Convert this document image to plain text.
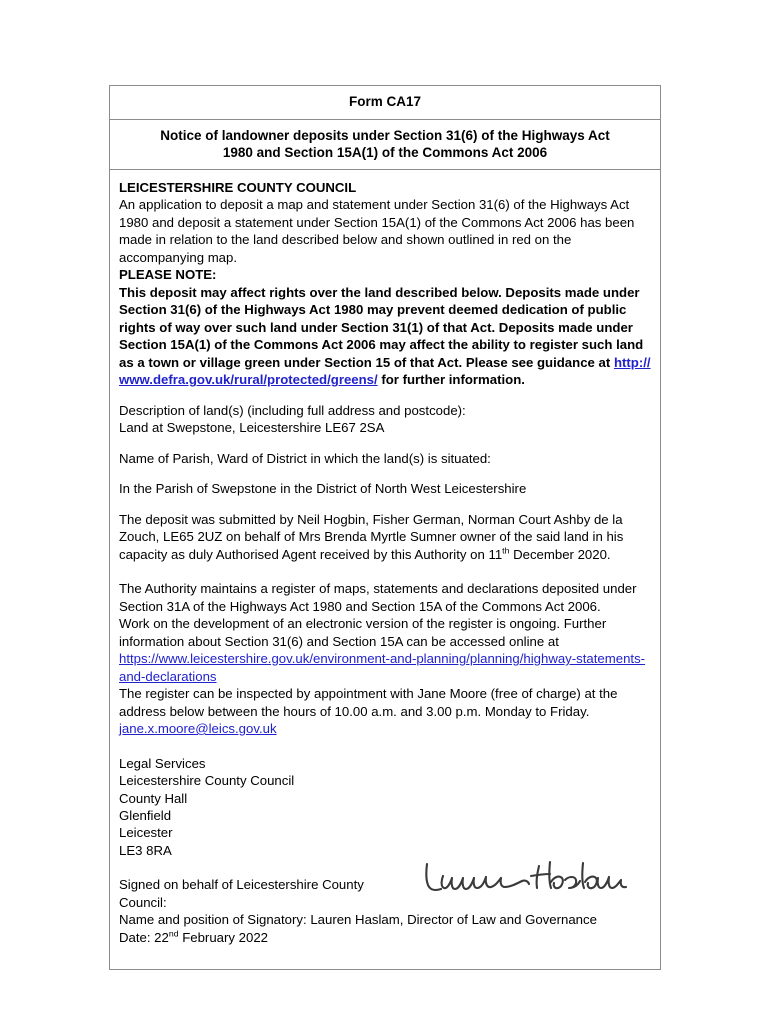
Form CA17
Notice of landowner deposits under Section 31(6) of the Highways Act
1980 and Section 15A(1) of the Commons Act 2006

LEICESTERSHIRE COUNTY COUNCIL

An application to deposit a map and statement under Section 31(6) of the Highways Act 1980 and deposit a statement under Section 15A(1) of the Commons Act 2006 has been made in relation to the land described below and shown outlined in red on the accompanying map.

PLEASE NOTE:

This deposit may affect rights over the land described below. Deposits made under Section 31(6) of the Highways Act 1980 may prevent deemed dedication of public rights of way over such land under Section 31(1) of that Act. Deposits made under Section 15A(1) of the Commons Act 2006 may affect the ability to register such land as a town or village green under Section 15 of that Act. Please see guidance at http://www.defra.gov.uk/rural/protected/greens/ for further information.

Description of land(s) (including full address and postcode):

Land at Swepstone, Leicestershire LE67 2SA

Name of Parish, Ward of District in which the land(s) is situated:

In the Parish of Swepstone in the District of North West Leicestershire

The deposit was submitted by Neil Hogbin, Fisher German, Norman Court Ashby de la Zouch, LE65 2UZ on behalf of Mrs Brenda Myrtle Sumner owner of the said land in his capacity as duly Authorised Agent received by this Authority on 11th December 2020.

The Authority maintains a register of maps, statements and declarations deposited under Section 31A of the Highways Act 1980 and Section 15A of the Commons Act 2006.

Work on the development of an electronic version of the register is ongoing. Further information about Section 31(6) and Section 15A can be accessed online at

https://www.leicestershire.gov.uk/environment-and-planning/planning/highway-statements-and-declarations

The register can be inspected by appointment with Jane Moore (free of charge) at the address below between the hours of 10.00 a.m. and 3.00 p.m. Monday to Friday.

jane.x.moore@leics.gov.uk

Legal Services

Leicestershire County Council

County Hall

Glenfield

Leicester

LE3 8RA

Signed on behalf of Leicestershire County

Council:

Name and position of Signatory: Lauren Haslam, Director of Law and Governance

Date: 22nd February 2022
